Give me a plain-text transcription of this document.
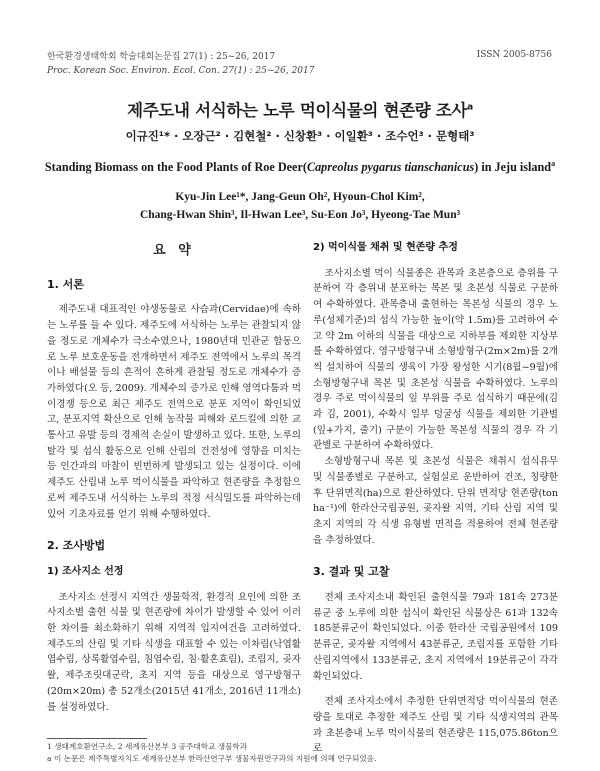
한국환경생태학회 학술대회논문집 27(1) : 25~26, 2017
Proc. Korean Soc. Environ. Ecol. Con. 27(1) : 25~26, 2017
ISSN 2005-8756
제주도내 서식하는 노루 먹이식물의 현존량 조사$^a$
이규진¹* · 오장근² · 김현철² · 신창환³ · 이일환³ · 조수언³ · 문형태³
Standing Biomass on the Food Plants of Roe Deer(Capreolus pygarus tianschanicus) in Jeju island$^a$
Kyu-Jin Lee¹*, Jang-Geun Oh², Hyoun-Chol Kim²,
Chang-Hwan Shin³, Il-Hwan Lee³, Su-Eon Jo³, Hyeong-Tae Mun³
요 약
1. 서론

제주도내 대표적인 야생동물로 사슴과(Cervidae)에 속하는 노루를 들 수 있다. 제주도에 서식하는 노루는 관찰되지 않을 정도로 개체수가 극소수였으나, 1980년대 민관군 합동으로 노루 보호운동을 전개하면서 제주도 전역에서 노루의 목격이나 배설물 등의 흔적이 흔하게 관찰될 정도로 개체수가 증가하였다(오 등, 2009). 개체수의 증가로 인해 영역다툼과 먹이경쟁 등으로 최근 제주도 전역으로 분포 지역이 확인되었고, 분포지역 확산으로 인해 농작물 피해와 로드킬에 의한 교통사고 유발 등의 경제적 손실이 발생하고 있다. 또한, 노루의 탈각 및 섭식 활동으로 인해 산림의 건전성에 영향을 미치는 등 인간과의 마찰이 빈번하게 발생되고 있는 실정이다. 이에 제주도 산림내 노루 먹이식물을 파악하고 현존량을 추정함으로써 제주도내 서식하는 노루의 적정 서식밀도를 파악하는데 있어 기초자료를 얻기 위해 수행하였다.

2. 조사방법
1) 조사지소 선정

조사지소 선정시 지역간 생물학적, 환경적 요인에 의한 조사지소별 출현 식물 및 현존량에 차이가 발생할 수 있어 이러한 차이를 최소화하기 위해 지역적 입지여건을 고려하였다. 제주도의 산림 및 기타 식생을 대표할 수 있는 이차림(낙엽활엽수림, 상록활엽수림, 침엽수림, 침·활혼효림), 조림지, 곶자왈, 제주조릿대군락, 초지 지역 등을 대상으로 영구방형구(20m×20m) 총 52개소(2015년 41개소, 2016년 11개소)를 설정하였다.

2) 먹이식물 채취 및 현존량 추정

조사지소별 먹이 식물종은 관목과 초본층으로 층위를 구분하여 각 층위내 분포하는 목본 및 초본성 식물로 구분하여 수확하였다. 관목층내 출현하는 목본성 식물의 경우 노루(성체기준)의 섭식 가능한 높이(약 1.5m)를 고려하여 수고 약 2m 이하의 식물을 대상으로 지하부를 제외한 지상부를 수확하였다. 영구방형구내 소형방형구(2m×2m)를 2개씩 설치하여 식물의 생육이 가장 왕성한 시기(8월~9월)에 소형방형구내 목본 및 초본성 식물을 수확하였다. 노루의 경우 주로 먹이식물의 잎 부위를 주로 섭식하기 때문에(김과 김, 2001), 수확시 일부 덩굴성 식물을 제외한 기관별(잎+가지, 줄기) 구분이 가능한 목본성 식물의 경우 각 기관별로 구분하여 수확하였다.

소형방형구내 목본 및 초본성 식물은 채취시 섭식유무 및 식물종별로 구분하고, 실험실로 운반하여 건조, 칭량한 후 단위면적(ha)으로 환산하였다. 단위 면적당 현존량(ton ha⁻¹)에 한라산국립공원, 곶자왈 지역, 기타 산림 지역 및 초지 지역의 각 식생 유형별 면적을 적용하여 전체 현존량을 추정하였다.

3. 결과 및 고찰

전체 조사지소내 확인된 출현식물 79과 181속 273분류군 중 노루에 의한 섭식이 확인된 식물상은 61과 132속 185분류군이 확인되었다. 이중 한라산 국립공원에서 109분류군, 곶자왈 지역에서 43분류군, 조림지를 포함한 기타 산림지역에서 133분류군, 초지 지역에서 19분류군이 각각 확인되었다.

전체 조사지소에서 추정한 단위면적당 먹이식물의 현존량을 토대로 추정한 제주도 산림 및 기타 식생지역의 관목과 초본층내 노루 먹이식물의 현존량은 115,075.86ton으로

1 생태계호환연구소, 2 세계유산본부 3 공주대학교 생물학과
a 이 논문은 제주특별자치도 세계유산본부 한라산연구부 생물자원연구과의 지원에 의해 연구되었음.
